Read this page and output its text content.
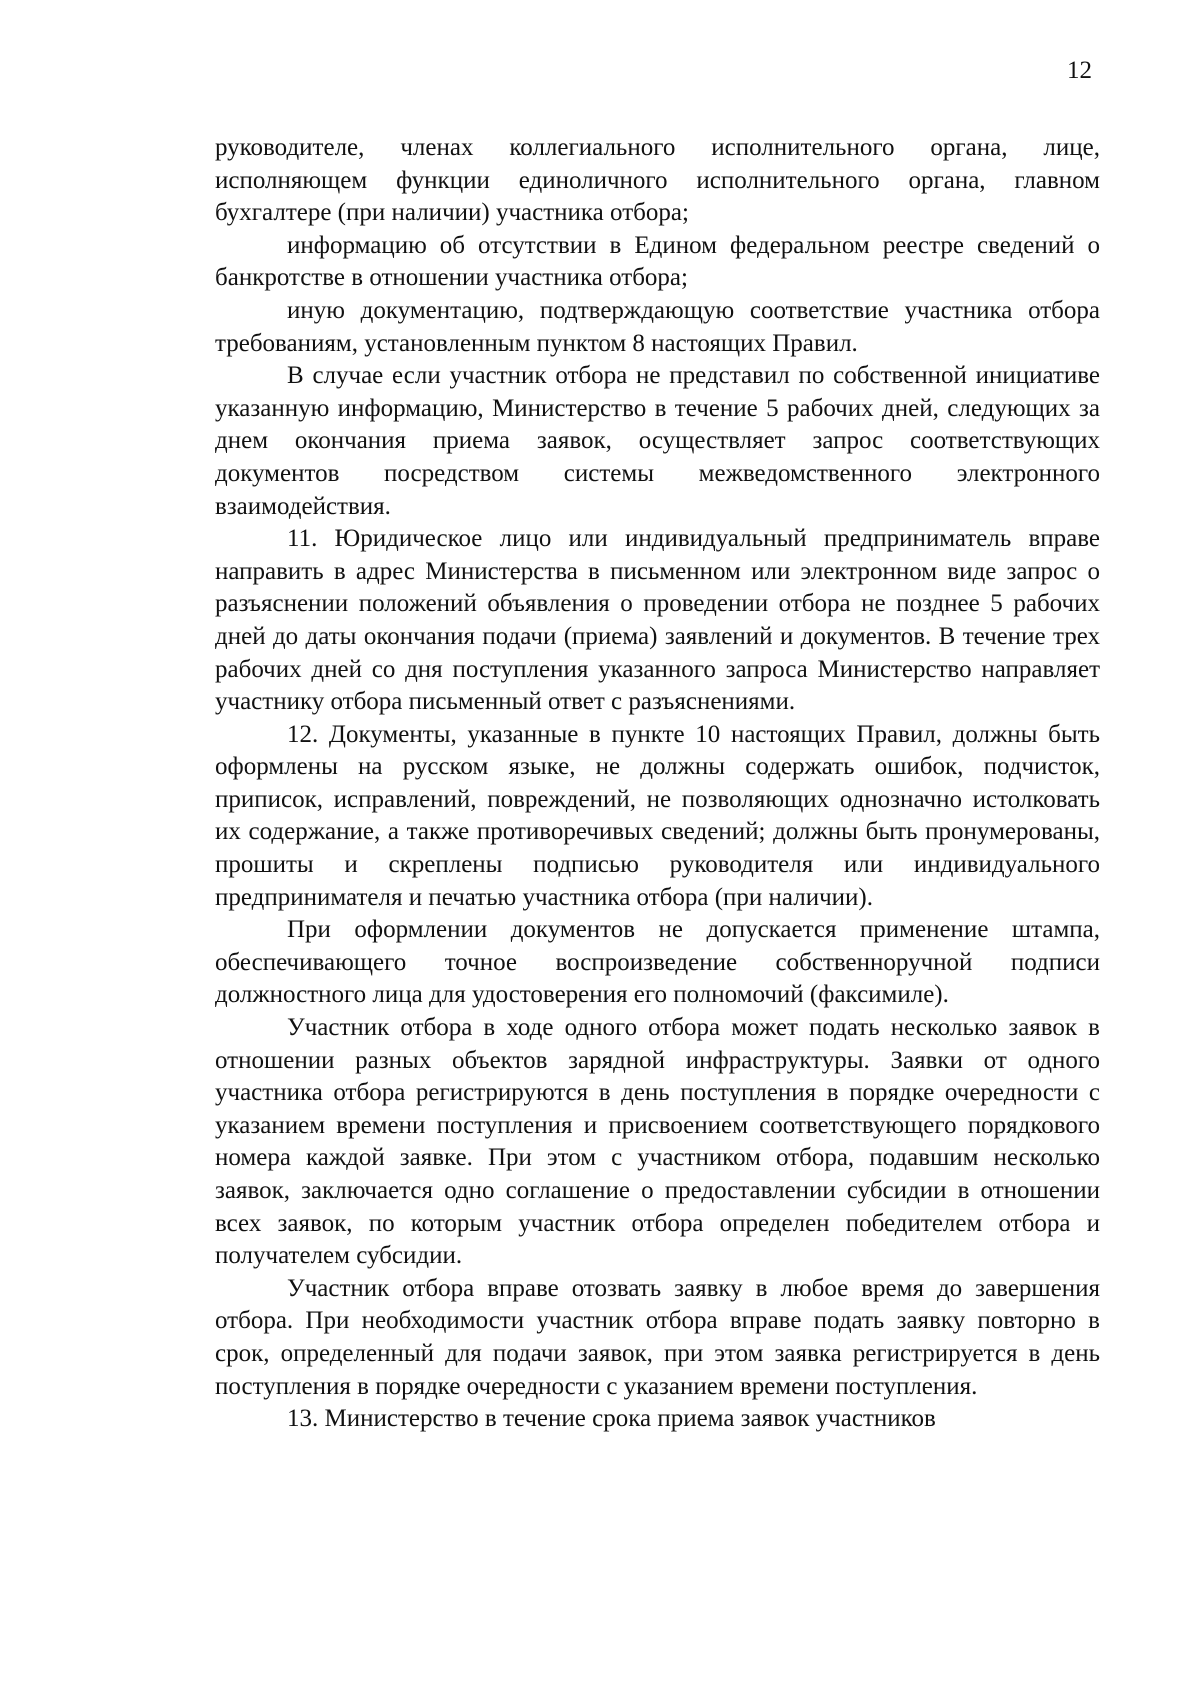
12

руководителе, членах коллегиального исполнительного органа, лице, исполняющем функции единоличного исполнительного органа, главном бухгалтере (при наличии) участника отбора;

информацию об отсутствии в Едином федеральном реестре сведений о банкротстве в отношении участника отбора;

иную документацию, подтверждающую соответствие участника отбора требованиям, установленным пунктом 8 настоящих Правил.

В случае если участник отбора не представил по собственной инициативе указанную информацию, Министерство в течение 5 рабочих дней, следующих за днем окончания приема заявок, осуществляет запрос соответствующих документов посредством системы межведомственного электронного взаимодействия.

11. Юридическое лицо или индивидуальный предприниматель вправе направить в адрес Министерства в письменном или электронном виде запрос о разъяснении положений объявления о проведении отбора не позднее 5 рабочих дней до даты окончания подачи (приема) заявлений и документов. В течение трех рабочих дней со дня поступления указанного запроса Министерство направляет участнику отбора письменный ответ с разъяснениями.

12. Документы, указанные в пункте 10 настоящих Правил, должны быть оформлены на русском языке, не должны содержать ошибок, подчисток, приписок, исправлений, повреждений, не позволяющих однозначно истолковать их содержание, а также противоречивых сведений; должны быть пронумерованы, прошиты и скреплены подписью руководителя или индивидуального предпринимателя и печатью участника отбора (при наличии).

При оформлении документов не допускается применение штампа, обеспечивающего точное воспроизведение собственноручной подписи должностного лица для удостоверения его полномочий (факсимиле).

Участник отбора в ходе одного отбора может подать несколько заявок в отношении разных объектов зарядной инфраструктуры. Заявки от одного участника отбора регистрируются в день поступления в порядке очередности с указанием времени поступления и присвоением соответствующего порядкового номера каждой заявке. При этом с участником отбора, подавшим несколько заявок, заключается одно соглашение о предоставлении субсидии в отношении всех заявок, по которым участник отбора определен победителем отбора и получателем субсидии.

Участник отбора вправе отозвать заявку в любое время до завершения отбора. При необходимости участник отбора вправе подать заявку повторно в срок, определенный для подачи заявок, при этом заявка регистрируется в день поступления в порядке очередности с указанием времени поступления.

13. Министерство в течение срока приема заявок участников
